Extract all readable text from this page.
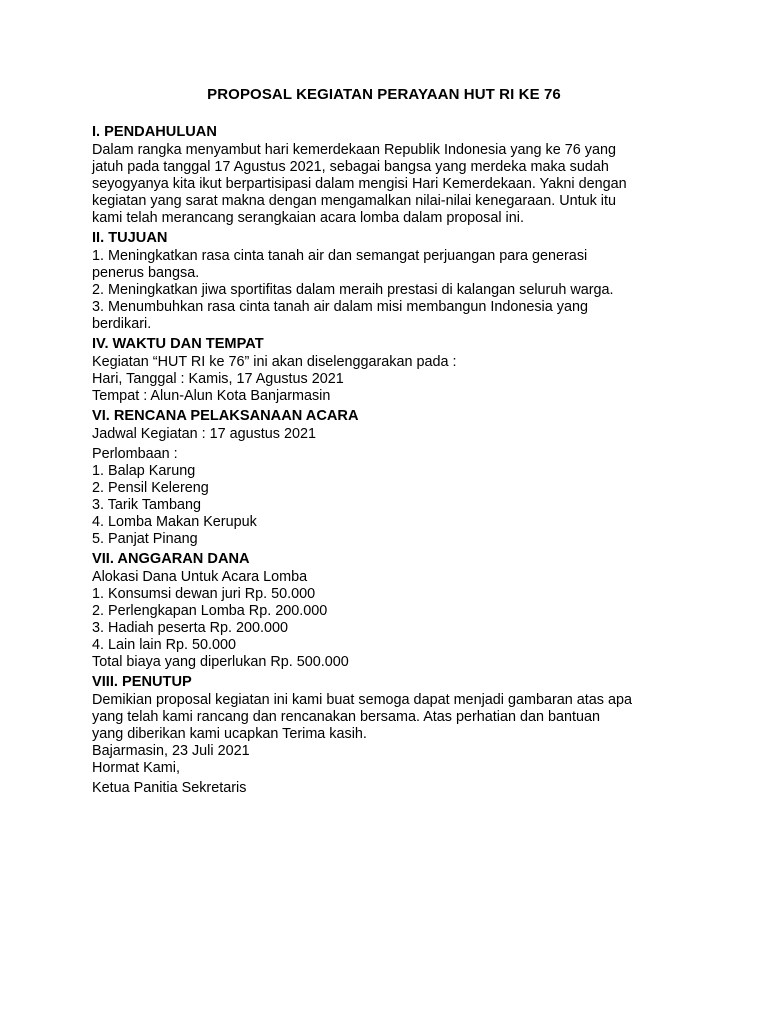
PROPOSAL KEGIATAN PERAYAAN HUT RI KE 76
I. PENDAHULUAN
Dalam rangka menyambut hari kemerdekaan Republik Indonesia yang ke 76 yang
jatuh pada tanggal 17 Agustus 2021, sebagai bangsa yang merdeka maka sudah
seyogyanya kita ikut berpartisipasi dalam mengisi Hari Kemerdekaan. Yakni dengan
kegiatan yang sarat makna dengan mengamalkan nilai-nilai kenegaraan. Untuk itu
kami telah merancang serangkaian acara lomba dalam proposal ini.
II. TUJUAN
1. Meningkatkan rasa cinta tanah air dan semangat perjuangan para generasi
penerus bangsa.
2. Meningkatkan jiwa sportifitas dalam meraih prestasi di kalangan seluruh warga.
3. Menumbuhkan rasa cinta tanah air dalam misi membangun Indonesia yang
berdikari.
IV. WAKTU DAN TEMPAT
Kegiatan “HUT RI ke 76” ini akan diselenggarakan pada :
Hari, Tanggal : Kamis, 17 Agustus 2021
Tempat : Alun-Alun Kota Banjarmasin
VI. RENCANA PELAKSANAAN ACARA
Jadwal Kegiatan : 17 agustus 2021
Perlombaan :
1. Balap Karung
2. Pensil Kelereng
3. Tarik Tambang
4. Lomba Makan Kerupuk
5. Panjat Pinang
VII. ANGGARAN DANA
Alokasi Dana Untuk Acara Lomba
1. Konsumsi dewan juri Rp. 50.000
2. Perlengkapan Lomba Rp. 200.000
3. Hadiah peserta Rp. 200.000
4. Lain lain Rp. 50.000
Total biaya yang diperlukan Rp. 500.000
VIII. PENUTUP
Demikian proposal kegiatan ini kami buat semoga dapat menjadi gambaran atas apa
yang telah kami rancang dan rencanakan bersama. Atas perhatian dan bantuan
yang diberikan kami ucapkan Terima kasih.
Bajarmasin, 23 Juli 2021
Hormat Kami,
Ketua Panitia Sekretaris
